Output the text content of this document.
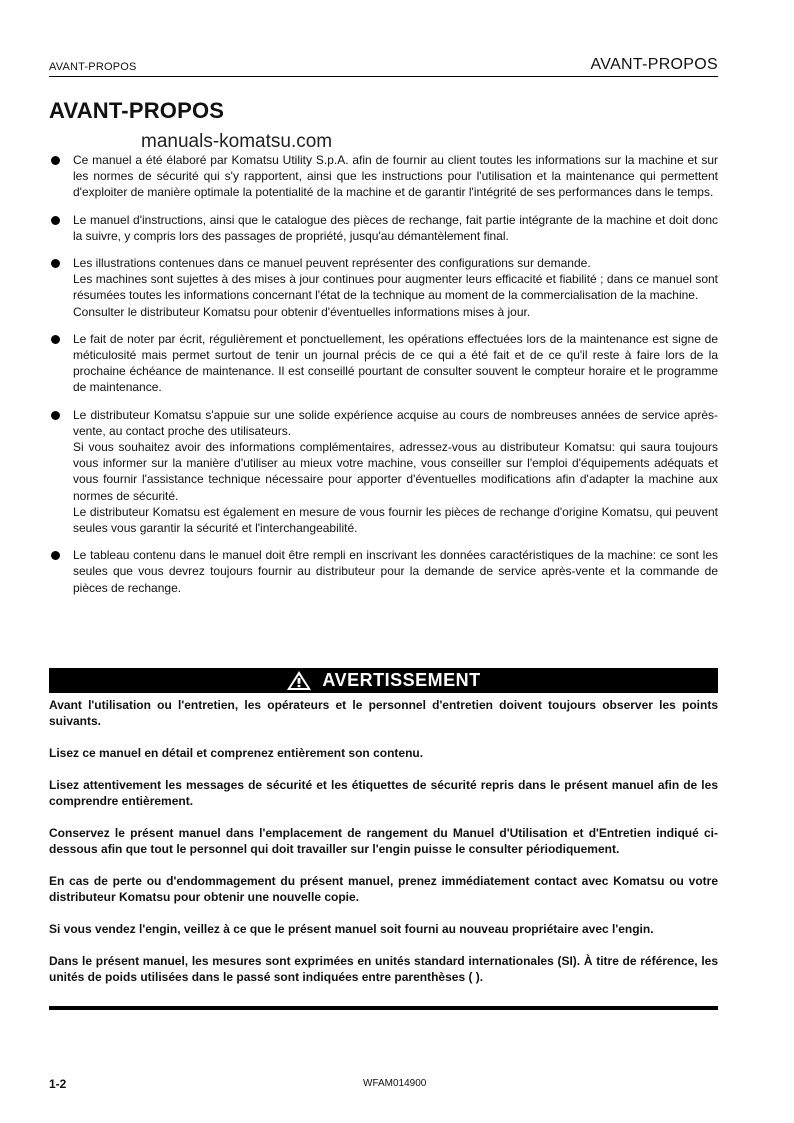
AVANT-PROPOS	AVANT-PROPOS
AVANT-PROPOS
manuals-komatsu.com

Ce manuel a été élaboré par Komatsu Utility S.p.A. afin de fournir au client toutes les informations sur la machine et sur les normes de sécurité qui s'y rapportent, ainsi que les instructions pour l'utilisation et la maintenance qui permettent d'exploiter de manière optimale la potentialité de la machine et de garantir l'intégrité de ses performances dans le temps.

Le manuel d'instructions, ainsi que le catalogue des pièces de rechange, fait partie intégrante de la machine et doit donc la suivre, y compris lors des passages de propriété, jusqu'au démantèlement final.

Les illustrations contenues dans ce manuel peuvent représenter des configurations sur demande.

Les machines sont sujettes à des mises à jour continues pour augmenter leurs efficacité et fiabilité ; dans ce manuel sont résumées toutes les informations concernant l'état de la technique au moment de la commercialisation de la machine.

Consulter le distributeur Komatsu pour obtenir d'éventuelles informations mises à jour.

Le fait de noter par écrit, régulièrement et ponctuellement, les opérations effectuées lors de la maintenance est signe de méticulosité mais permet surtout de tenir un journal précis de ce qui a été fait et de ce qu'il reste à faire lors de la prochaine échéance de maintenance. Il est conseillé pourtant de consulter souvent le compteur horaire et le programme de maintenance.

Le distributeur Komatsu s'appuie sur une solide expérience acquise au cours de nombreuses années de service après-vente, au contact proche des utilisateurs.

Si vous souhaitez avoir des informations complémentaires, adressez-vous au distributeur Komatsu: qui saura toujours vous informer sur la manière d'utiliser au mieux votre machine, vous conseiller sur l'emploi d'équipements adéquats et vous fournir l'assistance technique nécessaire pour apporter d'éventuelles modifications afin d'adapter la machine aux normes de sécurité.

Le distributeur Komatsu est également en mesure de vous fournir les pièces de rechange d'origine Komatsu, qui peuvent seules vous garantir la sécurité et l'interchangeabilité.

Le tableau contenu dans le manuel doit être rempli en inscrivant les données caractéristiques de la machine: ce sont les seules que vous devrez toujours fournir au distributeur pour la demande de service après-vente et la commande de pièces de rechange.

AVERTISSEMENT

Avant l'utilisation ou l'entretien, les opérateurs et le personnel d'entretien doivent toujours observer les points suivants.

Lisez ce manuel en détail et comprenez entièrement son contenu.

Lisez attentivement les messages de sécurité et les étiquettes de sécurité repris dans le présent manuel afin de les comprendre entièrement.

Conservez le présent manuel dans l'emplacement de rangement du Manuel d'Utilisation et d'Entretien indiqué ci-dessous afin que tout le personnel qui doit travailler sur l'engin puisse le consulter périodiquement.

En cas de perte ou d'endommagement du présent manuel, prenez immédiatement contact avec Komatsu ou votre distributeur Komatsu pour obtenir une nouvelle copie.

Si vous vendez l'engin, veillez à ce que le présent manuel soit fourni au nouveau propriétaire avec l'engin.

Dans le présent manuel, les mesures sont exprimées en unités standard internationales (SI). À titre de référence, les unités de poids utilisées dans le passé sont indiquées entre parenthèses ( ).

1-2	WFAM014900
